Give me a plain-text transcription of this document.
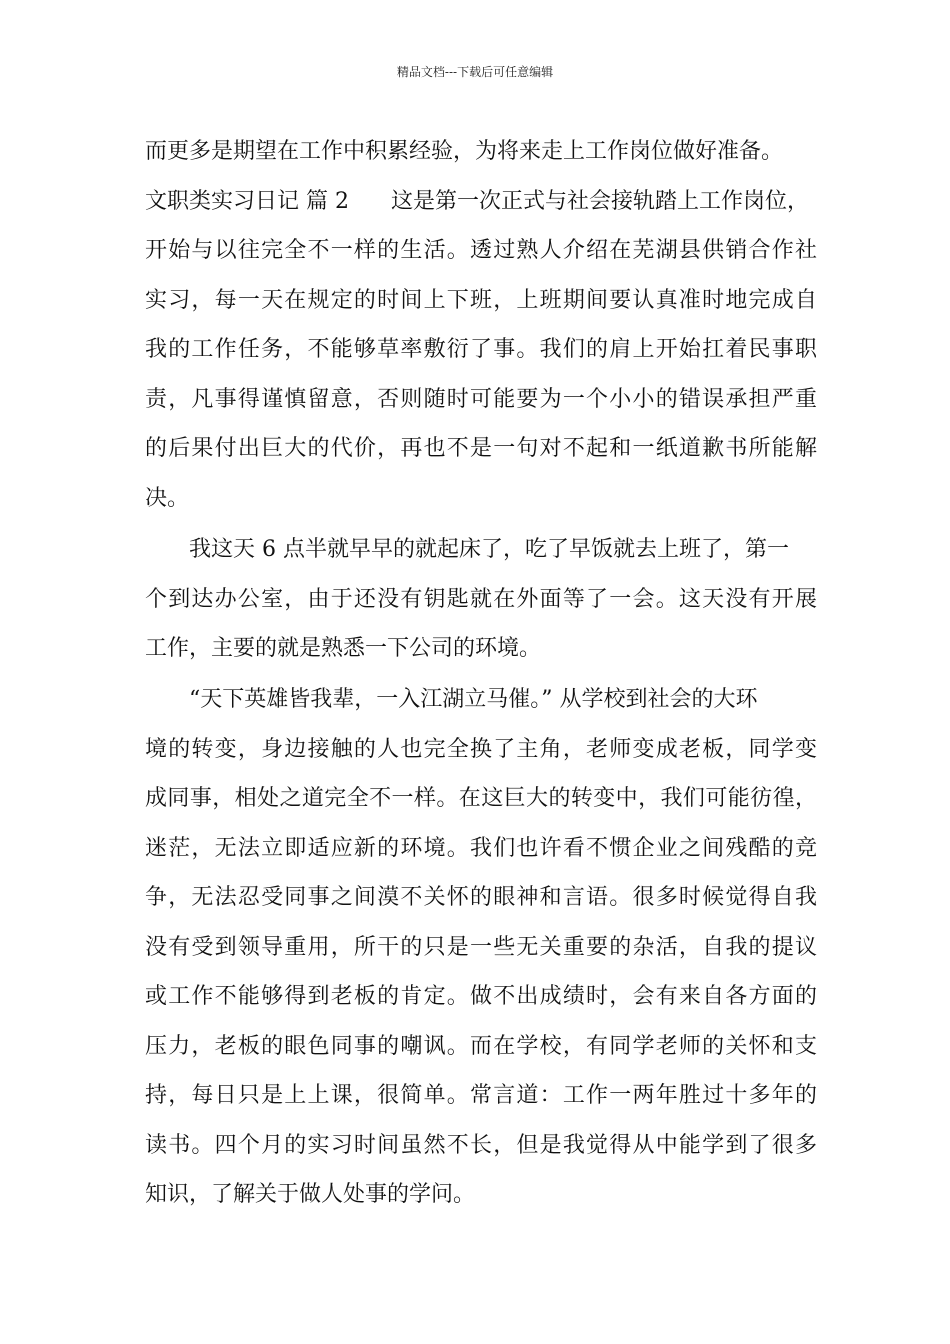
精品文档---下载后可任意编辑
而更多是期望在工作中积累经验，为将来走上工作岗位做好准备。
文职类实习日记 篇 2 这是第一次正式与社会接轨踏上工作岗位，
开始与以往完全不一样的生活。透过熟人介绍在芜湖县供销合作社
实习，每一天在规定的时间上下班，上班期间要认真准时地完成自
我的工作任务，不能够草率敷衍了事。我们的肩上开始扛着民事职
责，凡事得谨慎留意，否则随时可能要为一个小小的错误承担严重
的后果付出巨大的代价，再也不是一句对不起和一纸道歉书所能解
决。
我这天 6 点半就早早的就起床了，吃了早饭就去上班了，第一
个到达办公室，由于还没有钥匙就在外面等了一会。这天没有开展
工作，主要的就是熟悉一下公司的环境。
“天下英雄皆我辈，一入江湖立马催。” 从学校到社会的大环
境的转变，身边接触的人也完全换了主角，老师变成老板，同学变
成同事，相处之道完全不一样。在这巨大的转变中，我们可能彷徨，
迷茫，无法立即适应新的环境。我们也许看不惯企业之间残酷的竞
争，无法忍受同事之间漠不关怀的眼神和言语。很多时候觉得自我
没有受到领导重用，所干的只是一些无关重要的杂活，自我的提议
或工作不能够得到老板的肯定。做不出成绩时，会有来自各方面的
压力，老板的眼色同事的嘲讽。而在学校，有同学老师的关怀和支
持，每日只是上上课，很简单。常言道：工作一两年胜过十多年的
读书。四个月的实习时间虽然不长，但是我觉得从中能学到了很多
知识，了解关于做人处事的学问。
